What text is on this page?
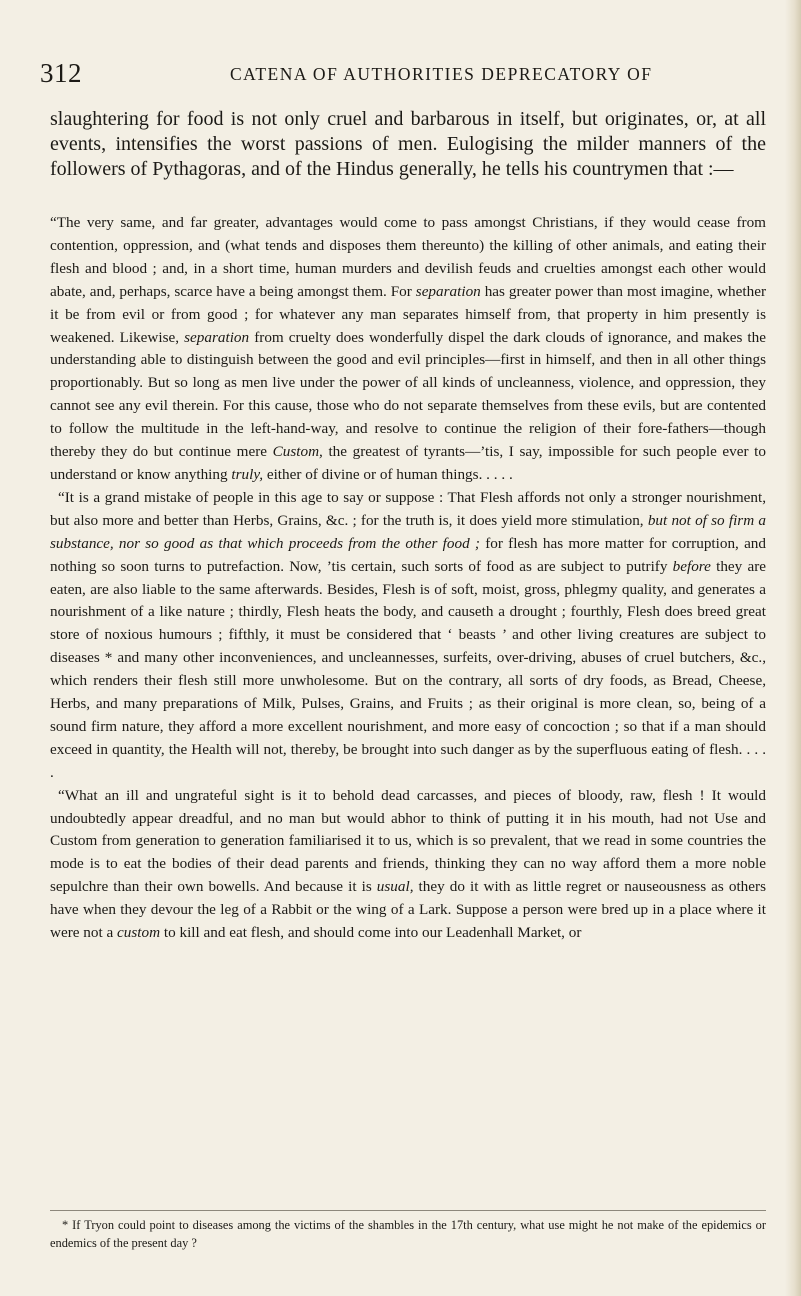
312	CATENA OF AUTHORITIES DEPRECATORY OF
slaughtering for food is not only cruel and barbarous in itself, but originates, or, at all events, intensifies the worst passions of men. Eulogising the milder manners of the followers of Pythagoras, and of the Hindus generally, he tells his countrymen that :—

“The very same, and far greater, advantages would come to pass amongst Christians, if they would cease from contention, oppression, and (what tends and disposes them thereunto) the killing of other animals, and eating their flesh and blood ; and, in a short time, human murders and devilish feuds and cruelties amongst each other would abate, and, perhaps, scarce have a being amongst them. For separation has greater power than most imagine, whether it be from evil or from good ; for whatever any man separates himself from, that property in him presently is weakened. Likewise, separation from cruelty does wonderfully dispel the dark clouds of ignorance, and makes the understanding able to distinguish between the good and evil principles—first in himself, and then in all other things proportionably. But so long as men live under the power of all kinds of uncleanness, violence, and oppression, they cannot see any evil therein. For this cause, those who do not separate themselves from these evils, but are contented to follow the multitude in the left-hand-way, and resolve to continue the religion of their fore-fathers—though thereby they do but continue mere Custom, the greatest of tyrants—’tis, I say, impossible for such people ever to understand or know anything truly, either of divine or of human things. . . . .

“It is a grand mistake of people in this age to say or suppose : That Flesh affords not only a stronger nourishment, but also more and better than Herbs, Grains, &c. ; for the truth is, it does yield more stimulation, but not of so firm a substance, nor so good as that which proceeds from the other food ; for flesh has more matter for corruption, and nothing so soon turns to putrefaction. Now, ’tis certain, such sorts of food as are subject to putrify before they are eaten, are also liable to the same afterwards. Besides, Flesh is of soft, moist, gross, phlegmy quality, and generates a nourishment of a like nature ; thirdly, Flesh heats the body, and causeth a drought ; fourthly, Flesh does breed great store of noxious humours ; fifthly, it must be considered that ‘ beasts ’ and other living creatures are subject to diseases * and many other inconveniences, and uncleannesses, surfeits, over-driving, abuses of cruel butchers, &c., which renders their flesh still more unwholesome. But on the contrary, all sorts of dry foods, as Bread, Cheese, Herbs, and many preparations of Milk, Pulses, Grains, and Fruits ; as their original is more clean, so, being of a sound firm nature, they afford a more excellent nourishment, and more easy of concoction ; so that if a man should exceed in quantity, the Health will not, thereby, be brought into such danger as by the superfluous eating of flesh. . . . .

“What an ill and ungrateful sight is it to behold dead carcasses, and pieces of bloody, raw, flesh ! It would undoubtedly appear dreadful, and no man but would abhor to think of putting it in his mouth, had not Use and Custom from generation to generation familiarised it to us, which is so prevalent, that we read in some countries the mode is to eat the bodies of their dead parents and friends, thinking they can no way afford them a more noble sepulchre than their own bowells. And because it is usual, they do it with as little regret or nauseousness as others have when they devour the leg of a Rabbit or the wing of a Lark. Suppose a person were bred up in a place where it were not a custom to kill and eat flesh, and should come into our Leadenhall Market, or

* If Tryon could point to diseases among the victims of the shambles in the 17th century, what use might he not make of the epidemics or endemics of the present day ?
